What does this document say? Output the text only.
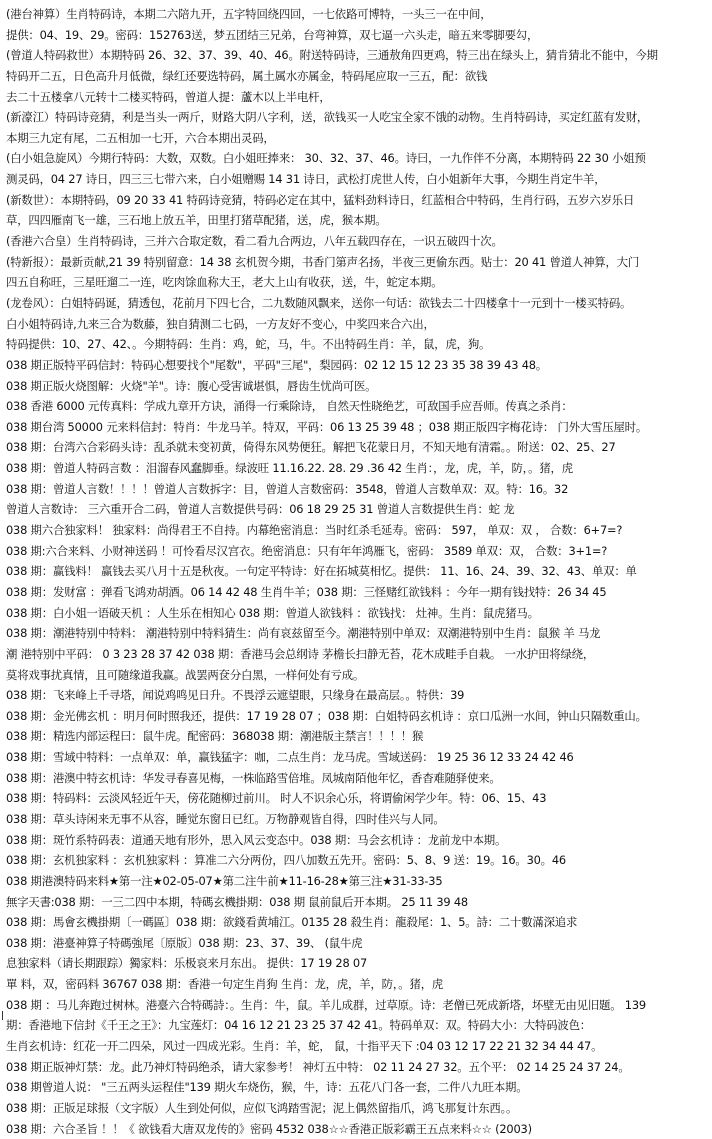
(港台神算）生肖特码诗，本期二六陪九开，五字特回绕四回，一七依路可博特，一头三一在中间，
提供：04、19、29。密码：152763送，梦五团结三兄弟，台弯神算，双七逼一六头走，暗五来零脚要勾，
(曾道人特码救世）本期特码 26、32、37、39、40、46。附送特码诗，三通敖角四更鸡，特三出在绿头上，猜肯猜北不能中，今期
特码开二五，日色高升月低微，绿红还要选特码，属土属水亦属金，特码尾应取一三五，配：欲钱
去二十五楼拿八元转十二楼买特码，曾道人提：蘆木以上半电杆，
(新濠江）特码诗竞猜，利是当头一两斤，财路大阴八字利，送，欲钱买一人吃宝全家不饿的动物。生肖特码诗，买定红蓝有发财，
本期三九定有尾，二五相加一七开，六合本期出灵码，
(白小姐急旋风）今期行特码：大数，双数。白小姐旺捧来： 30、32、37、46。诗曰，一九作伴不分离，本期特码 22 30 小姐预
测灵码，04 27 诗日，四三三七带六来，白小姐赠赐 14 31 诗日，武松打虎世人传，白小姐新年大事，今期生肖定牛羊，
(新数世）：本期特码，09 20 33 41 特码诗竞猜，特码必定在其中，猛料劲料诗日，红蓝相合中特码，生肖行码，五岁六岁乐日
草，四四雁南飞一雄，三石地上放五羊，田里打猪草配猪，送，虎，猴本期。
(香港六合皇）生肖特码诗，三并六合取定数，看二看九合两边，八年五载四存在，一识五破四十次。
(特新报）：最新贡献,21 39 特别留意：14 38 玄机贺今期，书香门第声名扬，半夜三更偷东西。贴士：20 41 曾道人神算，大门
四五自称旺，三星旺遛二一连，吃肉馀血称大王，老大上山有收获，送，牛，蛇定本期。
(龙卷风）：白姐特码诞，猜透包，花前月下四七合，二九数随风飘来，送你一句话：欲钱去二十四楼拿十一元到十一楼买特码。
白小姐特码诗,九来三合为数藤，独自猜测二七码，一方友好不变心，中奖四来合六出，
特码提供：10、27、42、。今期特码：生肖：鸡，蛇，马，牛。不出特码生肖：羊，鼠，虎，狗。
038 期正版特平码信封：特码心想要找个"尾数"，平码"三尾"，梨园码：02 12 15 12 23 35 38 39 43 48。
038 期正版火烧图解：火烧"羊"。诗：腹心受害诚堪惧，唇齿生忧尚可医。
038 香港 6000 元传真料：学成九章开方诀，涌得一行乘除诗， 自然天性晓绝艺，可敌国手应吾师。传真之杀肖：
038 期台湾 50000 元来料信封：特肖：牛龙马羊。特双，平码：06 13 25 39 48 ；038 期正版四字梅花诗： 门外大雪压屋时。
038 期：台湾六合彩码头诗：乱杀就未变初黄，倚得东风势便狂。解把飞花蒙日月，不知天地有清霜。。附送：02、25、27
038 期：曾道人特码言数 ：泪溜春风蠢脚垂。绿波旺 11.16.22. 28. 29 .36 42 生肖：，龙，虎，羊，防，。猪，虎
038 期：曾道人言数！！！！曾道人言数拆字：目，曾道人言数密码：3548，曾道人言数单双：双。特：16。32
曾道人言数诗： 三六重开合二码，曾道人言数提供号码：06 18 29 25 31 曾道人言数提供生肖：蛇 龙
038 期六合独家料！ 独家料：尚得君王不自持。内幕绝密消息：当时红杀毛延寿。密码： 597， 单双：双 ， 合数：6+7=?
038 期:六合来料、小财神送码 ！可怜看尽汉宫衣。绝密消息：只有年年鸿雁飞，密码： 3589 单双：双， 合数：3+1=?
038 期：赢钱料！ 赢钱去买八月十五是秋夜。一句定平特诗：好在拓城莫相忆。提供： 11、16、24、39、32、43、单双：单
038 期：发财富 ：弹看飞鸿劝胡酒。06 14 42 48 生肖牛羊；038 期：三怪赌红欲钱料 ：今年一期有钱找特：26 34 45
038 期：白小姐一语破天机 ：人生乐在相知心 038 期：曾道人欲钱料 ：欲钱找： 灶神。生肖：鼠虎猪马。
038 期：潮港特别中特料： 潮港特别中特料猜生：尚有哀兹留至今。潮港特别中单双：双潮港特别中生肖：鼠猴 羊 马龙
潮 港特别中平码： 0 3 23 28 37 42 038 期：香港马会总纲诗 茅檐长扫静无苔，花木成畦手自栽。 一水护田将绿绕，
莫将戏事扰真情，且可随缘道我赢。战罢两奁分白黑，一样何处有亏成。
038 期：飞来峰上千寻塔，闻说鸡鸣见日升。不畏浮云遮望眼，只缘身在最高层。。特供：39
038 期：金光佛玄机 ：明月何时照我还，提供：17 19 28 07 ；038 期：白姐特码玄机诗 ：京口瓜洲一水间，钟山只隔数重山。
038 期：精选内部运程曰：鼠牛虎。配密码：368038 期：潮港版主禁言！！！！猴
038 期：雪域中特料：一点单双：单，赢钱猛字：咖，二点生肖：龙马虎。雪域送码： 19 25 36 12 33 24 42 46
038 期：港澳中特玄机诗：华发寻春喜见梅，一株临路雪倍堆。凤城南陌他年忆，香杳难随驿使来。
038 期：特码料：云淡风轻近午天，傍花随柳过前川。 时人不识余心乐，将谓偷闲学少年。特：06、15、43
038 期：草头诗闲来无事不从容，睡觉东窗日已红。万物静观皆自得，四时佳兴与人同。
038 期：斑竹系特码表：道通天地有形外，思入风云变态中。038 期：马会玄机诗 ：龙前龙中本期。
038 期：玄机独家料 ：玄机独家料 ：算准二六分两份，四八加数五先开。密码：5、8、9 送：19。16。30。46
038 期港澳特码来料★第一注★02-05-07★第二注牛前★11-16-28★第三注★31-33-35
無字天書:038 期：一三二四中本期，特碼玄機掛期：038 期 鼠前鼠后开本期。 25 11 39 48
038 期：馬會玄機掛期〔一碼區〕038 期：欲錢看黄埔江。0135 28 殺生肖：龍殺尾：1、5。詩：二十數滿深追求
038 期：港臺神算子特碼強尾〔原版〕038 期：23、37、39、 (鼠牛虎
息独家料（请长期跟踪）獨家料：乐极哀来月东出。 提供：17 19 28 07
單 料，双，密码料 36767 038 期：香港一句定生肖狗 生肖：龙，虎，羊，防，。猪，虎
038 期 ：马儿奔跑过树林。港臺六合特碼詩：。生肖：牛，鼠。羊儿成群，过草原。诗：老僧已死成新塔，坏壁无由见旧题。 139
期：香港地下信封《千王之王》：九宝莲灯：04 16 12 21 23 25 37 42 41。特码单双：双。特码大小：大特码波色：
生肖玄机诗：红花一开二四朵，风过一四成光彩。生肖：羊，蛇， 鼠，十指平天下 :04 03 12 17 22 21 32 34 44 47。
038 期正版神灯禁：龙。此乃神灯特码绝杀，请大家参考！ 神灯五中特： 02 11 24 27 32。五个平： 02 14 25 24 37 24。
038 期曾道人说： "三五两头运程佳"139 期火车烧伤，猴，牛，诗：五花八门各一套，二件八九旺本期。
038 期：正版足球报（文字版）人生到处何似，应似飞鸿踏雪泥；泥上偶然留指爪，鸿飞那复计东西。。
038 期：六合圣旨 ！！《 欲钱看大唐双龙传的》密码 4532 038☆☆香港正版彩霸王五点来料☆☆ (2003)
